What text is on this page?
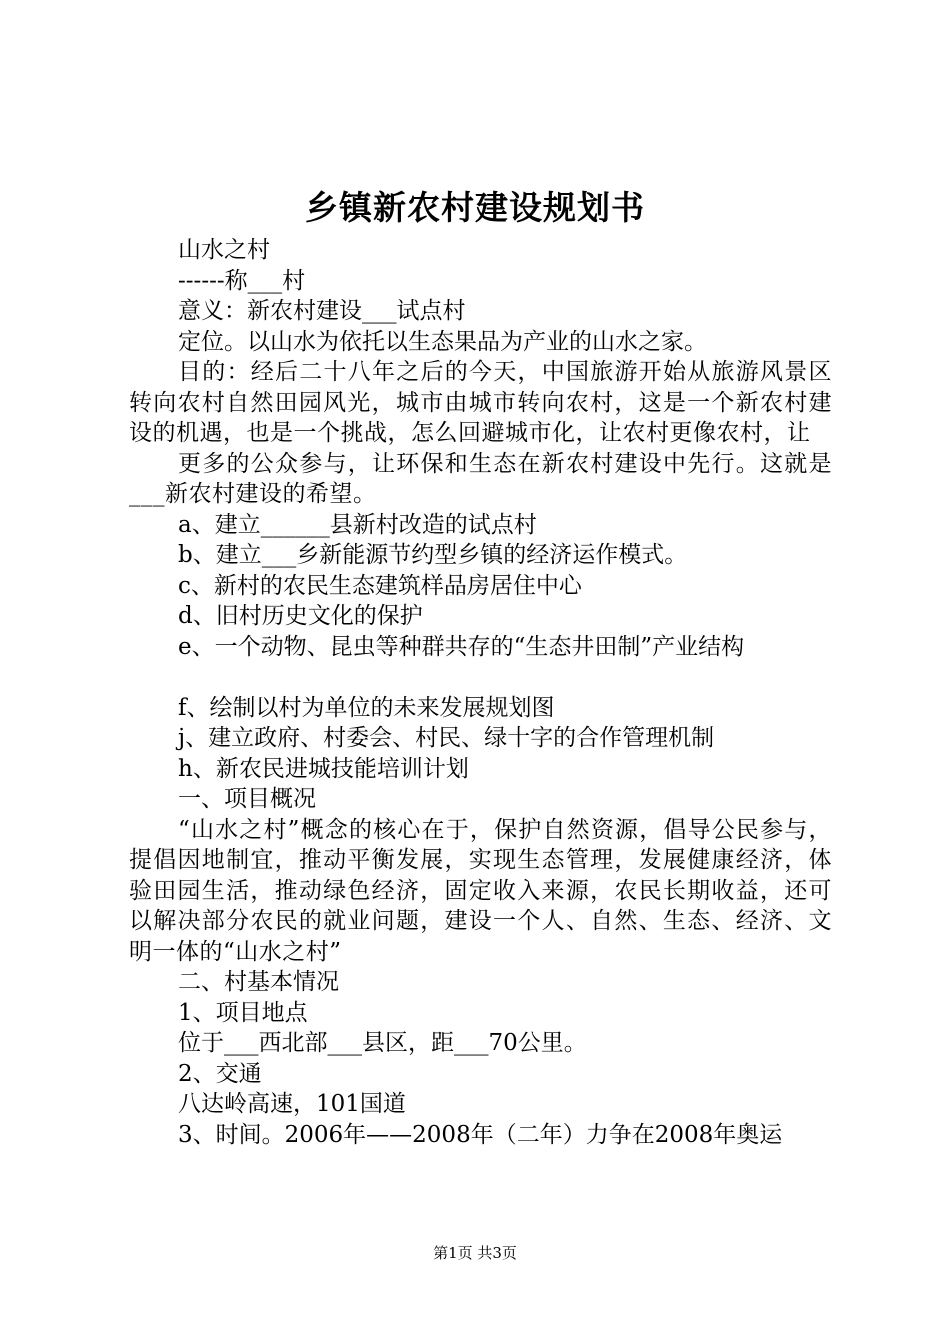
乡镇新农村建设规划书

山水之村

------称___村

意义：新农村建设___试点村

定位。以山水为依托以生态果品为产业的山水之家。

目的：经后二十八年之后的今天，中国旅游开始从旅游风景区转向农村自然田园风光，城市由城市转向农村，这是一个新农村建设的机遇，也是一个挑战，怎么回避城市化，让农村更像农村，让

更多的公众参与，让环保和生态在新农村建设中先行。这就是___新农村建设的希望。

a、建立______县新村改造的试点村

b、建立___乡新能源节约型乡镇的经济运作模式。

c、新村的农民生态建筑样品房居住中心

d、旧村历史文化的保护

e、一个动物、昆虫等种群共存的“生态井田制”产业结构

f、绘制以村为单位的未来发展规划图

j、建立政府、村委会、村民、绿十字的合作管理机制

h、新农民进城技能培训计划

一、项目概况

“山水之村”概念的核心在于，保护自然资源，倡导公民参与，提倡因地制宜，推动平衡发展，实现生态管理，发展健康经济，体验田园生活，推动绿色经济，固定收入来源，农民长期收益，还可以解决部分农民的就业问题，建设一个人、自然、生态、经济、文明一体的“山水之村”

二、村基本情况

1、项目地点

位于___西北部___县区，距___70公里。

2、交通

八达岭高速，101国道

3、时间。2006年——2008年（二年）力争在2008年奥运

第1页 共3页
